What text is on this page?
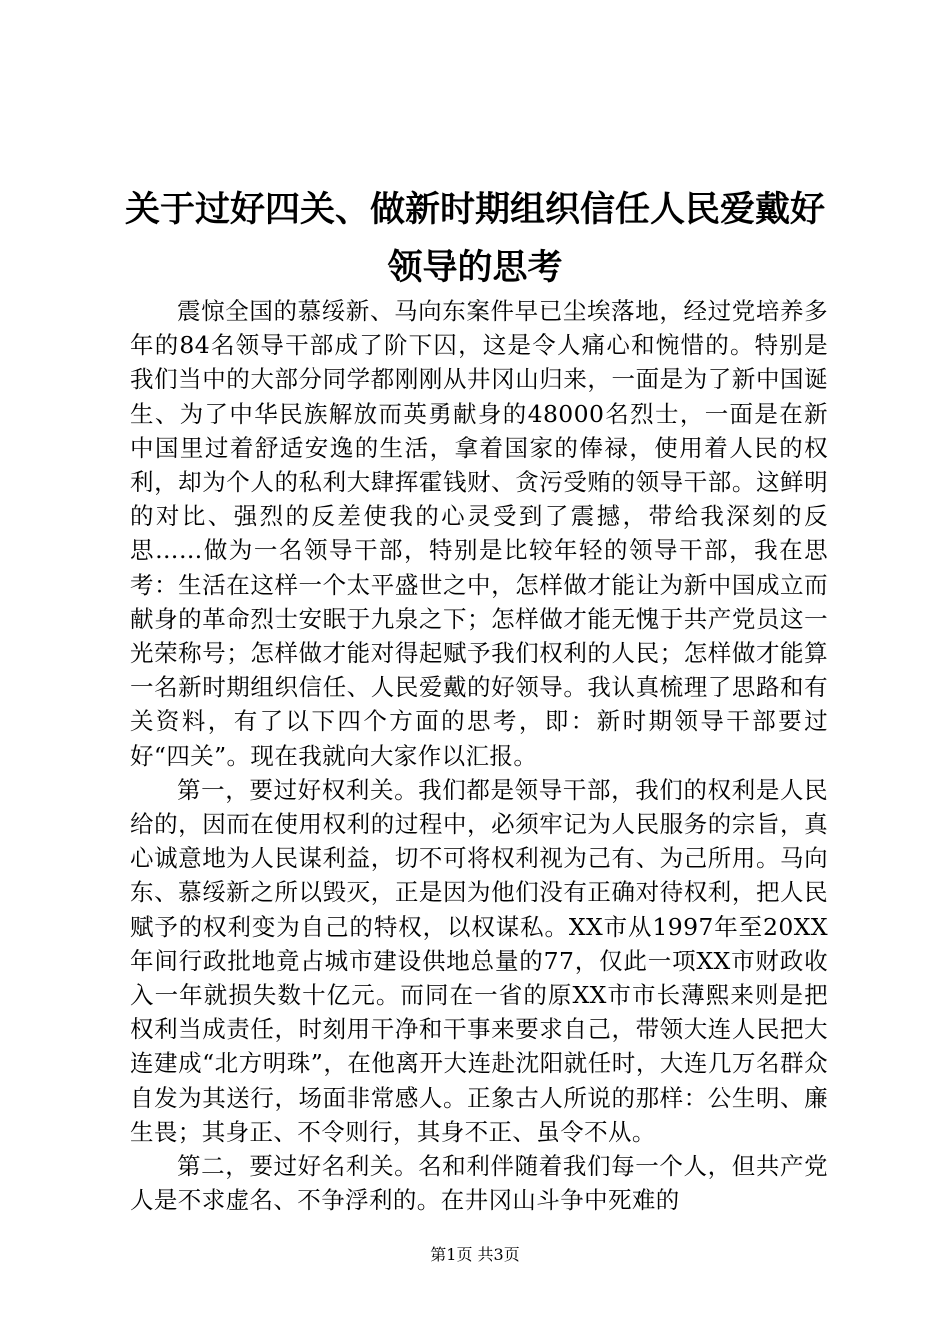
关于过好四关、做新时期组织信任人民爱戴好
领导的思考

震惊全国的慕绥新、马向东案件早已尘埃落地，经过党培养多年的84名领导干部成了阶下囚，这是令人痛心和惋惜的。特别是我们当中的大部分同学都刚刚从井冈山归来，一面是为了新中国诞生、为了中华民族解放而英勇献身的48000名烈士，一面是在新中国里过着舒适安逸的生活，拿着国家的俸禄，使用着人民的权利，却为个人的私利大肆挥霍钱财、贪污受贿的领导干部。这鲜明的对比、强烈的反差使我的心灵受到了震撼，带给我深刻的反思……做为一名领导干部，特别是比较年轻的领导干部，我在思考：生活在这样一个太平盛世之中，怎样做才能让为新中国成立而献身的革命烈士安眠于九泉之下；怎样做才能无愧于共产党员这一光荣称号；怎样做才能对得起赋予我们权利的人民；怎样做才能算一名新时期组织信任、人民爱戴的好领导。我认真梳理了思路和有关资料，有了以下四个方面的思考，即：新时期领导干部要过好“四关”。现在我就向大家作以汇报。

第一，要过好权利关。我们都是领导干部，我们的权利是人民给的，因而在使用权利的过程中，必须牢记为人民服务的宗旨，真心诚意地为人民谋利益，切不可将权利视为己有、为己所用。马向东、慕绥新之所以毁灭，正是因为他们没有正确对待权利，把人民赋予的权利变为自己的特权，以权谋私。XX市从1997年至20XX年间行政批地竟占城市建设供地总量的77，仅此一项XX市财政收入一年就损失数十亿元。而同在一省的原XX市市长薄熙来则是把权利当成责任，时刻用干净和干事来要求自己，带领大连人民把大连建成“北方明珠”，在他离开大连赴沈阳就任时，大连几万名群众自发为其送行，场面非常感人。正象古人所说的那样：公生明、廉生畏；其身正、不令则行，其身不正、虽令不从。

第二，要过好名利关。名和利伴随着我们每一个人，但共产党人是不求虚名、不争浮利的。在井冈山斗争中死难的

第1页 共3页
